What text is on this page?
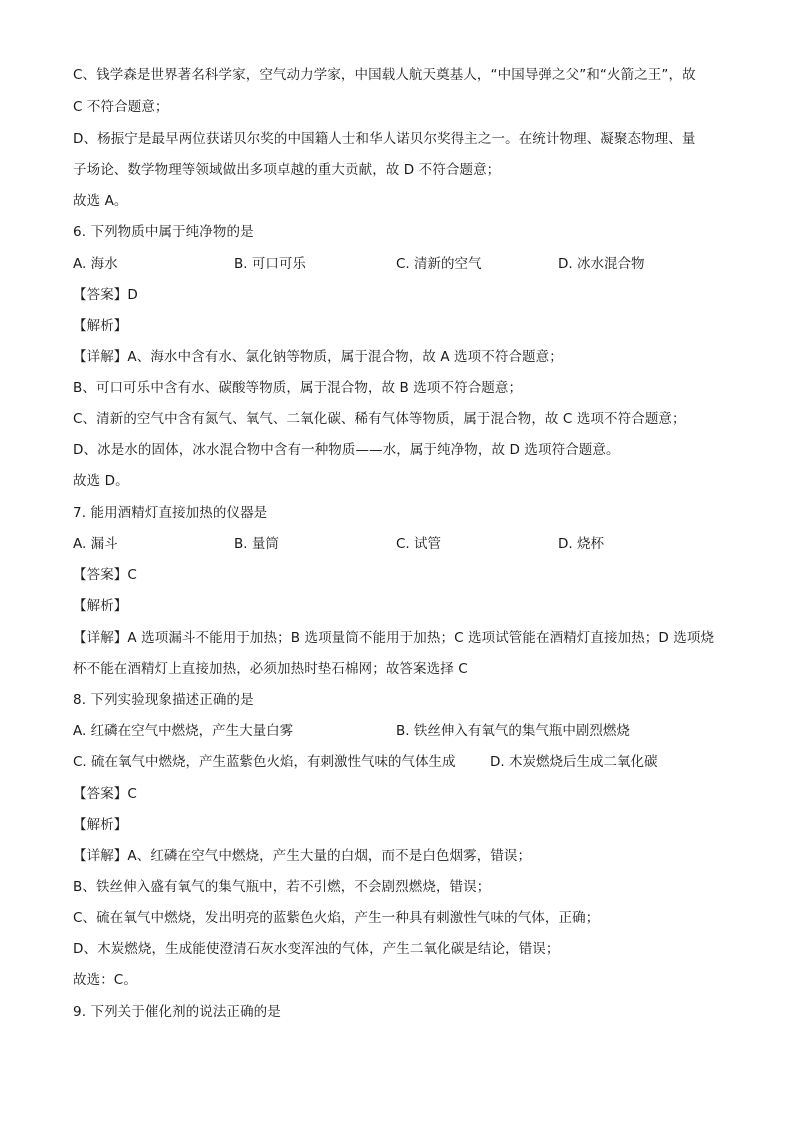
C、钱学森是世界著名科学家，空气动力学家，中国载人航天奠基人，“中国导弹之父”和“火箭之王”，故
C 不符合题意；
D、杨振宁是最早两位获诺贝尔奖的中国籍人士和华人诺贝尔奖得主之一。在统计物理、凝聚态物理、量
子场论、数学物理等领域做出多项卓越的重大贡献，故 D 不符合题意；
故选 A。
6. 下列物质中属于纯净物的是
A. 海水	B. 可口可乐	C. 清新的空气	D. 冰水混合物
【答案】D
【解析】
【详解】A、海水中含有水、氯化钠等物质，属于混合物，故 A 选项不符合题意；
B、可口可乐中含有水、碳酸等物质，属于混合物，故 B 选项不符合题意；
C、清新的空气中含有氮气、氧气、二氧化碳、稀有气体等物质，属于混合物，故 C 选项不符合题意；
D、冰是水的固体，冰水混合物中含有一种物质——水，属于纯净物，故 D 选项符合题意。
故选 D。
7. 能用酒精灯直接加热的仪器是
A. 漏斗	B. 量筒	C. 试管	D. 烧杯
【答案】C
【解析】
【详解】A 选项漏斗不能用于加热；B 选项量筒不能用于加热；C 选项试管能在酒精灯直接加热；D 选项烧
杯不能在酒精灯上直接加热，必须加热时垫石棉网；故答案选择 C
8. 下列实验现象描述正确的是
A. 红磷在空气中燃烧，产生大量白雾	B. 铁丝伸入有氧气的集气瓶中剧烈燃烧
C. 硫在氧气中燃烧，产生蓝紫色火焰，有刺激性气味的气体生成	D. 木炭燃烧后生成二氧化碳
【答案】C
【解析】
【详解】A、红磷在空气中燃烧，产生大量的白烟，而不是白色烟雾，错误；
B、铁丝伸入盛有氧气的集气瓶中，若不引燃，不会剧烈燃烧，错误；
C、硫在氧气中燃烧，发出明亮的蓝紫色火焰，产生一种具有刺激性气味的气体，正确；
D、木炭燃烧，生成能使澄清石灰水变浑浊的气体，产生二氧化碳是结论，错误；
故选：C。
9. 下列关于催化剂的说法正确的是
